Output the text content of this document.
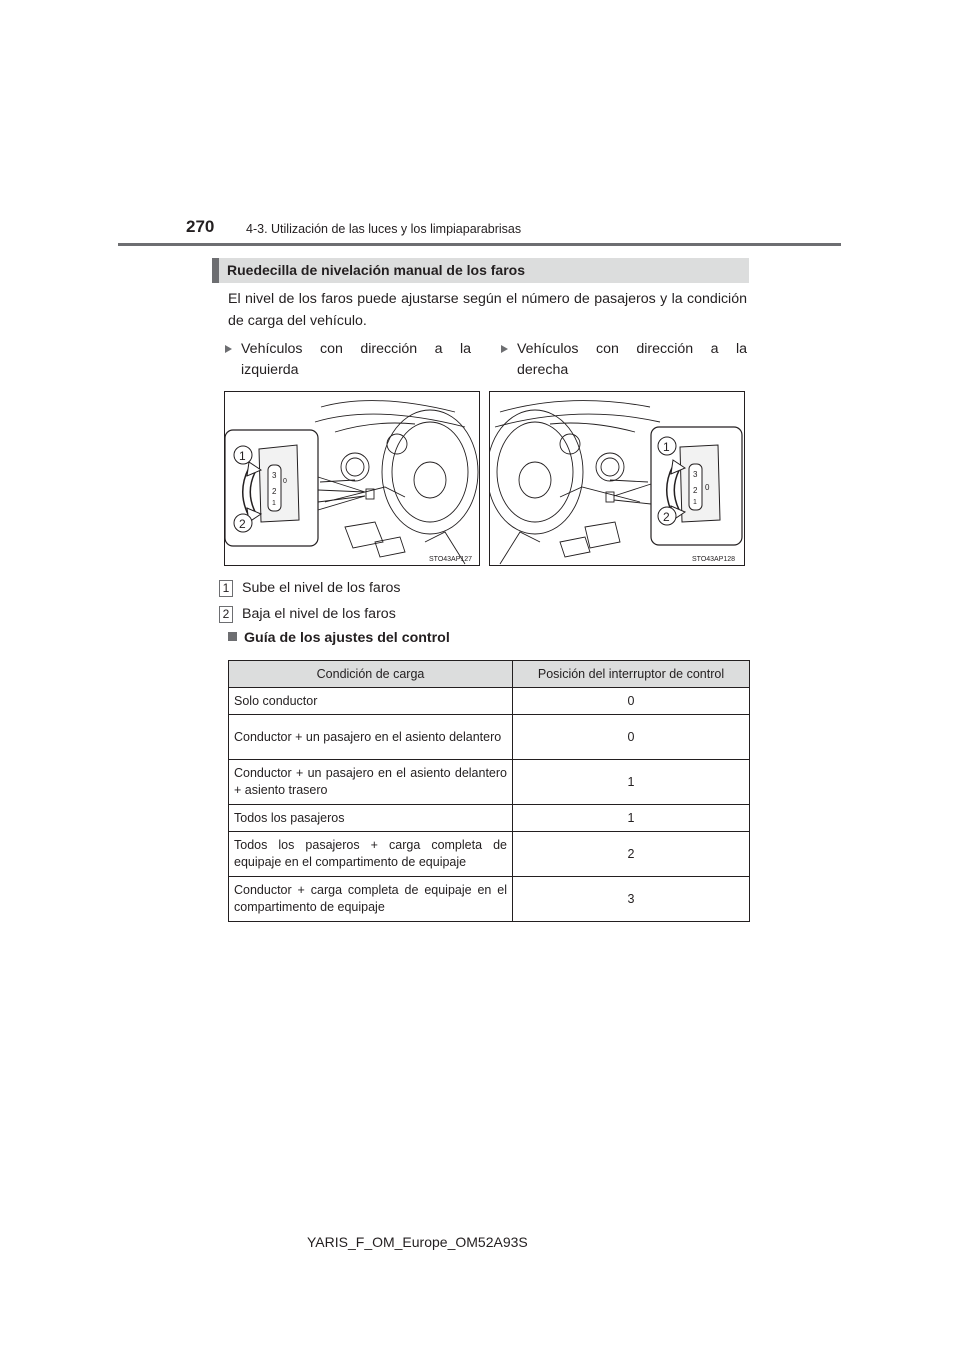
270	4-3. Utilización de las luces y los limpiaparabrisas
Ruedecilla de nivelación manual de los faros
El nivel de los faros puede ajustarse según el número de pasajeros y la condición de carga del vehículo.
Vehículos con dirección a la izquierda
Vehículos con dirección a la derecha
3
2
1
0
1
2
STO43AP127
3
2
1
0
1
2
STO43AP128
1 Sube el nivel de los faros
2 Baja el nivel de los faros
Guía de los ajustes del control
Condición de carga	Posición del interruptor de control
Solo conductor	0
Conductor + un pasajero en el asiento delantero	0
Conductor + un pasajero en el asiento delantero + asiento trasero	1
Todos los pasajeros	1
Todos los pasajeros + carga completa de equipaje en el compartimento de equipaje	2
Conductor + carga completa de equipaje en el compartimento de equipaje	3
YARIS_F_OM_Europe_OM52A93S
